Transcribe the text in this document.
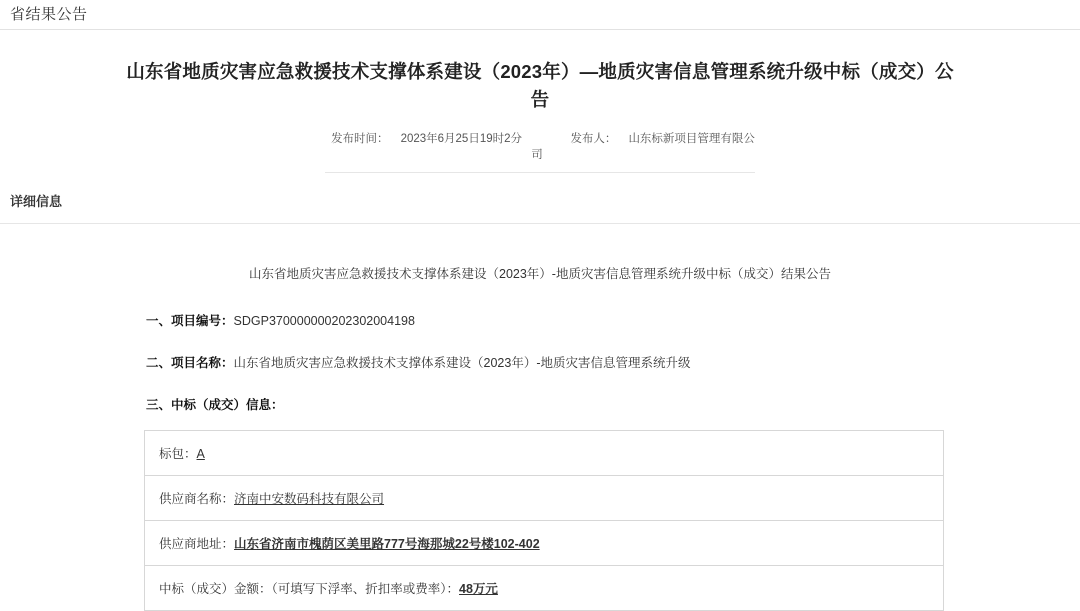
省结果公告
山东省地质灾害应急救援技术支撑体系建设（2023年）—地质灾害信息管理系统升级中标（成交）公告
发布时间： 2023年6月25日19时2分	发布人： 山东标新项目管理有限公司
详细信息
山东省地质灾害应急救援技术支撑体系建设（2023年）-地质灾害信息管理系统升级中标（成交）结果公告
一、项目编号：SDGP370000000202302004198
二、项目名称：山东省地质灾害应急救援技术支撑体系建设（2023年）-地质灾害信息管理系统升级
三、中标（成交）信息：
标包：A
供应商名称：济南中安数码科技有限公司
供应商地址：山东省济南市槐荫区美里路777号海那城22号楼102-402
中标（成交）金额：（可填写下浮率、折扣率或费率）：48万元
